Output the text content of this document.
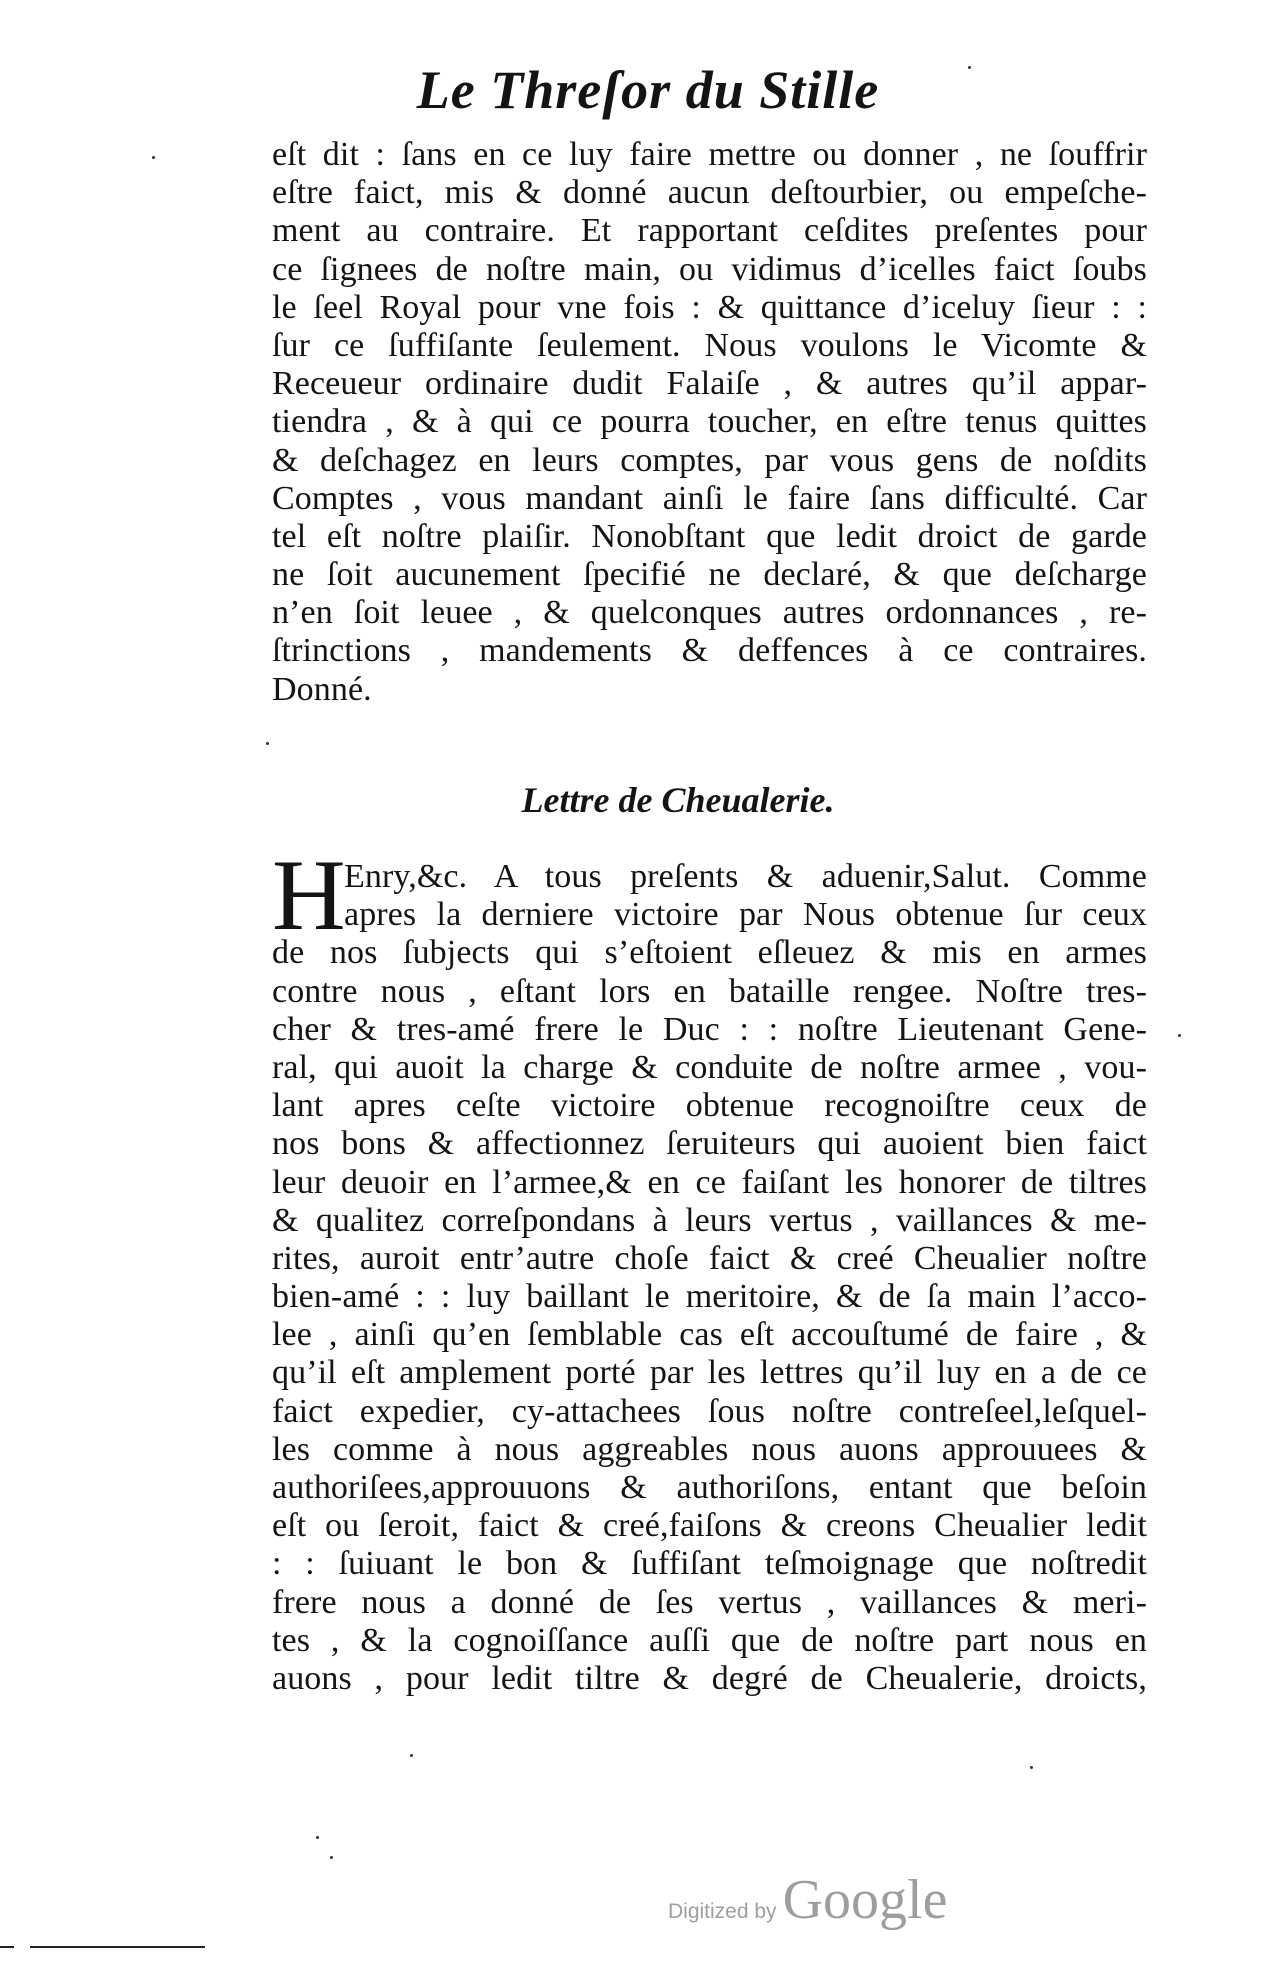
Le Threſor du Stille
eſt dit : ſans en ce luy faire mettre ou donner , ne ſouffrir
eſtre faict, mis & donné aucun deſtourbier, ou empeſche-
ment au contraire. Et rapportant ceſdites preſentes pour
ce ſignees de noſtre main, ou vidimus d’icelles faict ſoubs
le ſeel Royal pour vne fois : & quittance d’iceluy ſieur : :
ſur ce ſuffiſante ſeulement. Nous voulons le Vicomte &
Receueur ordinaire dudit Falaiſe , & autres qu’il appar-
tiendra , & à qui ce pourra toucher, en eſtre tenus quittes
& deſchagez en leurs comptes, par vous gens de noſdits
Comptes , vous mandant ainſi le faire ſans difficulté. Car
tel eſt noſtre plaiſir. Nonobſtant que ledit droict de garde
ne ſoit aucunement ſpecifié ne declaré, & que deſcharge
n’en ſoit leuee , & quelconques autres ordonnances , re-
ſtrinctions , mandements & deffences à ce contraires.
Donné.
Lettre de Cheualerie.
H
Enry,&c. A tous preſents & aduenir,Salut. Comme
apres la derniere victoire par Nous obtenue ſur ceux
de nos ſubjects qui s’eſtoient eſleuez & mis en armes
contre nous , eſtant lors en bataille rengee. Noſtre tres-
cher & tres-amé frere le Duc : : noſtre Lieutenant Gene-
ral, qui auoit la charge & conduite de noſtre armee , vou-
lant apres ceſte victoire obtenue recognoiſtre ceux de
nos bons & affectionnez ſeruiteurs qui auoient bien faict
leur deuoir en l’armee,& en ce faiſant les honorer de tiltres
& qualitez correſpondans à leurs vertus , vaillances & me-
rites, auroit entr’autre choſe faict & creé Cheualier noſtre
bien-amé : : luy baillant le meritoire, & de ſa main l’acco-
lee , ainſi qu’en ſemblable cas eſt accouſtumé de faire , &
qu’il eſt amplement porté par les lettres qu’il luy en a de ce
faict expedier, cy-attachees ſous noſtre contreſeel,leſquel-
les comme à nous aggreables nous auons approuuees &
authoriſees,approuuons & authoriſons, entant que beſoin
eſt ou ſeroit, faict & creé,faiſons & creons Cheualier ledit
: : ſuiuant le bon & ſuffiſant teſmoignage que noſtredit
frere nous a donné de ſes vertus , vaillances & meri-
tes , & la cognoiſſance auſſi que de noſtre part nous en
auons , pour ledit tiltre & degré de Cheualerie, droicts,
Digitized by Google
